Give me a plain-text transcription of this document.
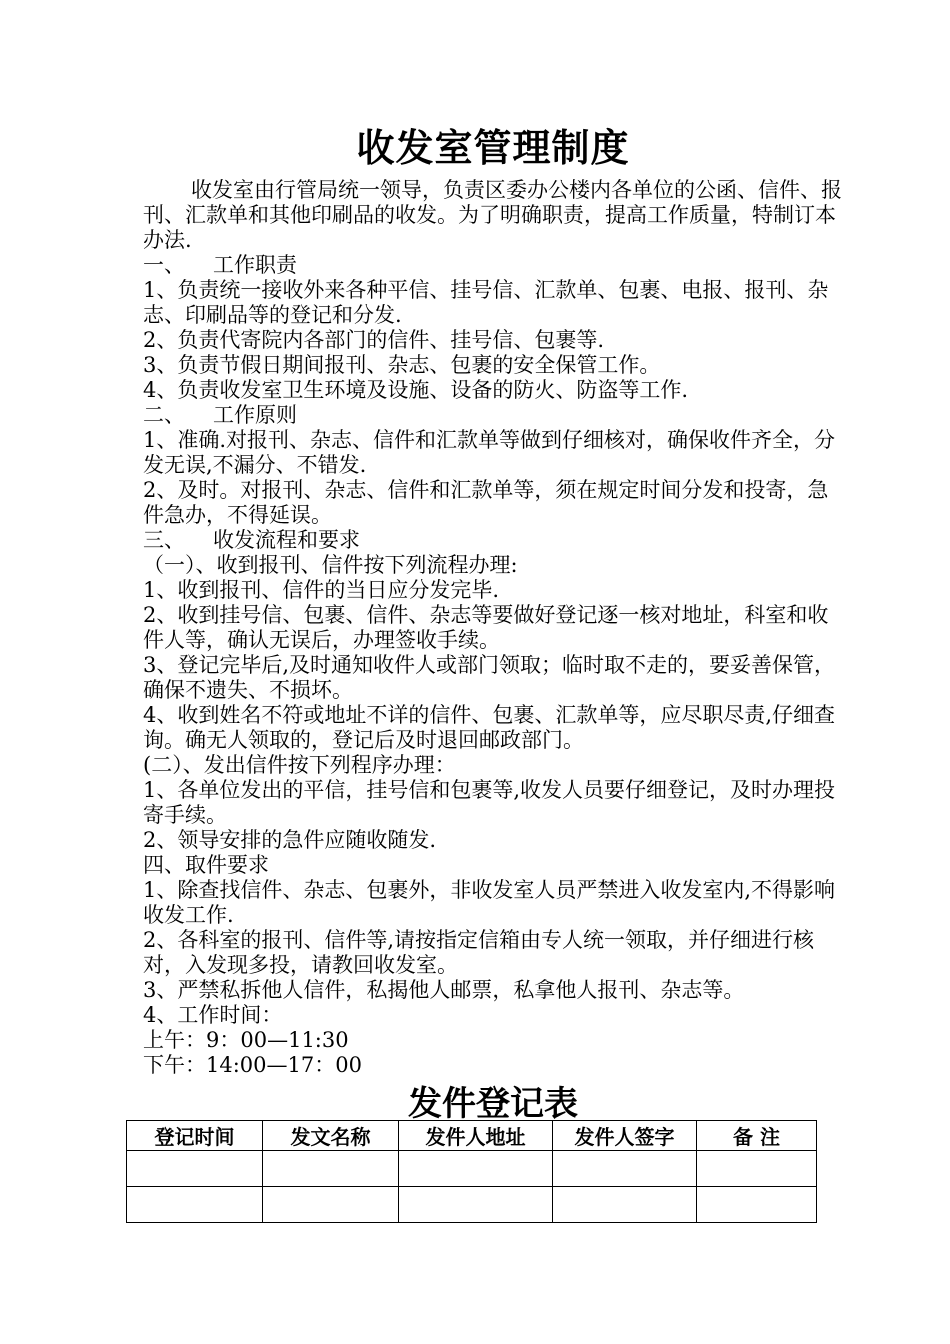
收发室管理制度

收发室由行管局统一领导，负责区委办公楼内各单位的公函、信件、报刊、汇款单和其他印刷品的收发。为了明确职责，提高工作质量，特制订本办法.

一、 工作职责

1、负责统一接收外来各种平信、挂号信、汇款单、包裹、电报、报刊、杂志、印刷品等的登记和分发.

2、负责代寄院内各部门的信件、挂号信、包裹等.

3、负责节假日期间报刊、杂志、包裹的安全保管工作。

4、负责收发室卫生环境及设施、设备的防火、防盗等工作.

二、 工作原则

1、准确.对报刊、杂志、信件和汇款单等做到仔细核对，确保收件齐全，分发无误,不漏分、不错发.

2、及时。对报刊、杂志、信件和汇款单等，须在规定时间分发和投寄，急件急办，不得延误。

三、 收发流程和要求

（一）、收到报刊、信件按下列流程办理:

1、收到报刊、信件的当日应分发完毕.

2、收到挂号信、包裹、信件、杂志等要做好登记逐一核对地址，科室和收件人等，确认无误后，办理签收手续。

3、登记完毕后,及时通知收件人或部门领取；临时取不走的，要妥善保管，确保不遗失、不损坏。

4、收到姓名不符或地址不详的信件、包裹、汇款单等，应尽职尽责,仔细查询。确无人领取的，登记后及时退回邮政部门。

(二）、发出信件按下列程序办理：

1、各单位发出的平信，挂号信和包裹等,收发人员要仔细登记，及时办理投寄手续。

2、领导安排的急件应随收随发.

四、取件要求

1、除查找信件、杂志、包裹外，非收发室人员严禁进入收发室内,不得影响收发工作.

2、各科室的报刊、信件等,请按指定信箱由专人统一领取，并仔细进行核对，入发现多投，请教回收发室。

3、严禁私拆他人信件，私揭他人邮票，私拿他人报刊、杂志等。

4、工作时间：

上午：9：00—11:30

下午：14:00—17：00

发件登记表
登记时间	发文名称	发件人地址	发件人签字	备 注
